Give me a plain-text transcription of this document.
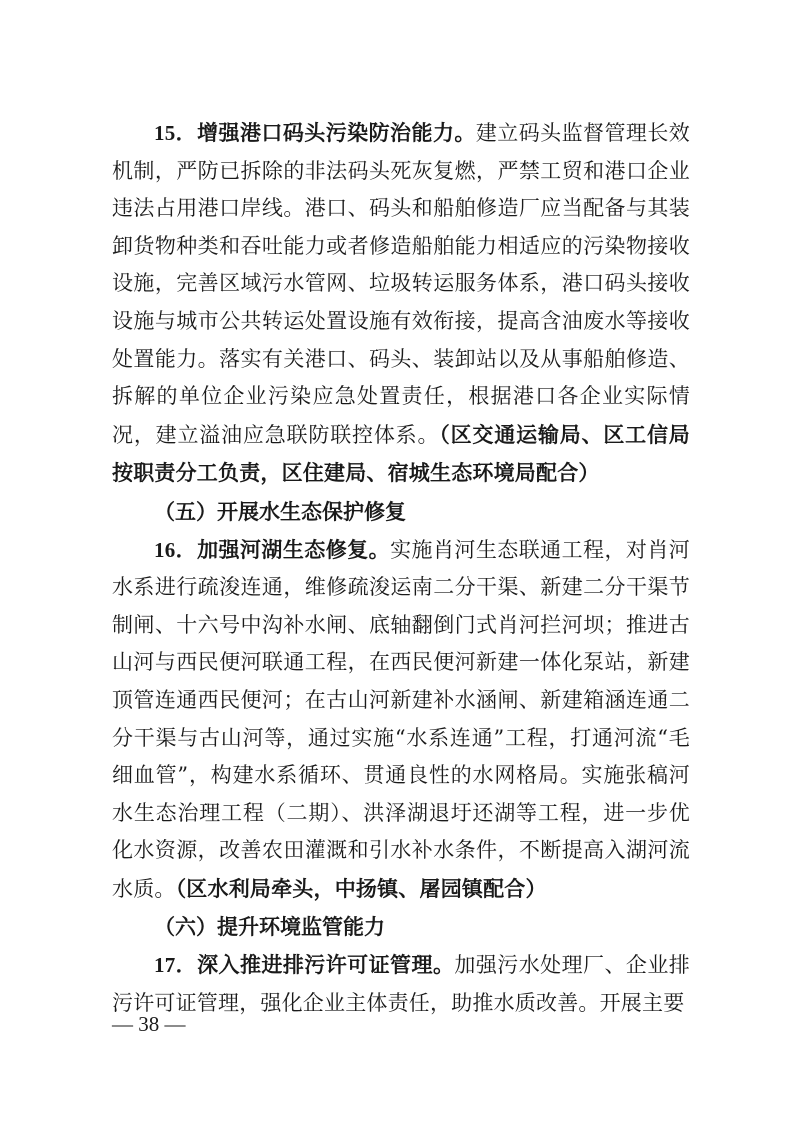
15．增强港口码头污染防治能力。建立码头监督管理长效机制，严防已拆除的非法码头死灰复燃，严禁工贸和港口企业违法占用港口岸线。港口、码头和船舶修造厂应当配备与其装卸货物种类和吞吐能力或者修造船舶能力相适应的污染物接收设施，完善区域污水管网、垃圾转运服务体系，港口码头接收设施与城市公共转运处置设施有效衔接，提高含油废水等接收处置能力。落实有关港口、码头、装卸站以及从事船舶修造、拆解的单位企业污染应急处置责任，根据港口各企业实际情况，建立溢油应急联防联控体系。（区交通运输局、区工信局按职责分工负责，区住建局、宿城生态环境局配合）

（五）开展水生态保护修复

16．加强河湖生态修复。实施肖河生态联通工程，对肖河水系进行疏浚连通，维修疏浚运南二分干渠、新建二分干渠节制闸、十六号中沟补水闸、底轴翻倒门式肖河拦河坝；推进古山河与西民便河联通工程，在西民便河新建一体化泵站，新建顶管连通西民便河；在古山河新建补水涵闸、新建箱涵连通二分干渠与古山河等，通过实施“水系连通”工程，打通河流“毛细血管”，构建水系循环、贯通良性的水网格局。实施张稿河水生态治理工程（二期）、洪泽湖退圩还湖等工程，进一步优化水资源，改善农田灌溉和引水补水条件，不断提高入湖河流水质。（区水利局牵头，中扬镇、屠园镇配合）

（六）提升环境监管能力

17．深入推进排污许可证管理。加强污水处理厂、企业排污许可证管理，强化企业主体责任，助推水质改善。开展主要

— 38 —
